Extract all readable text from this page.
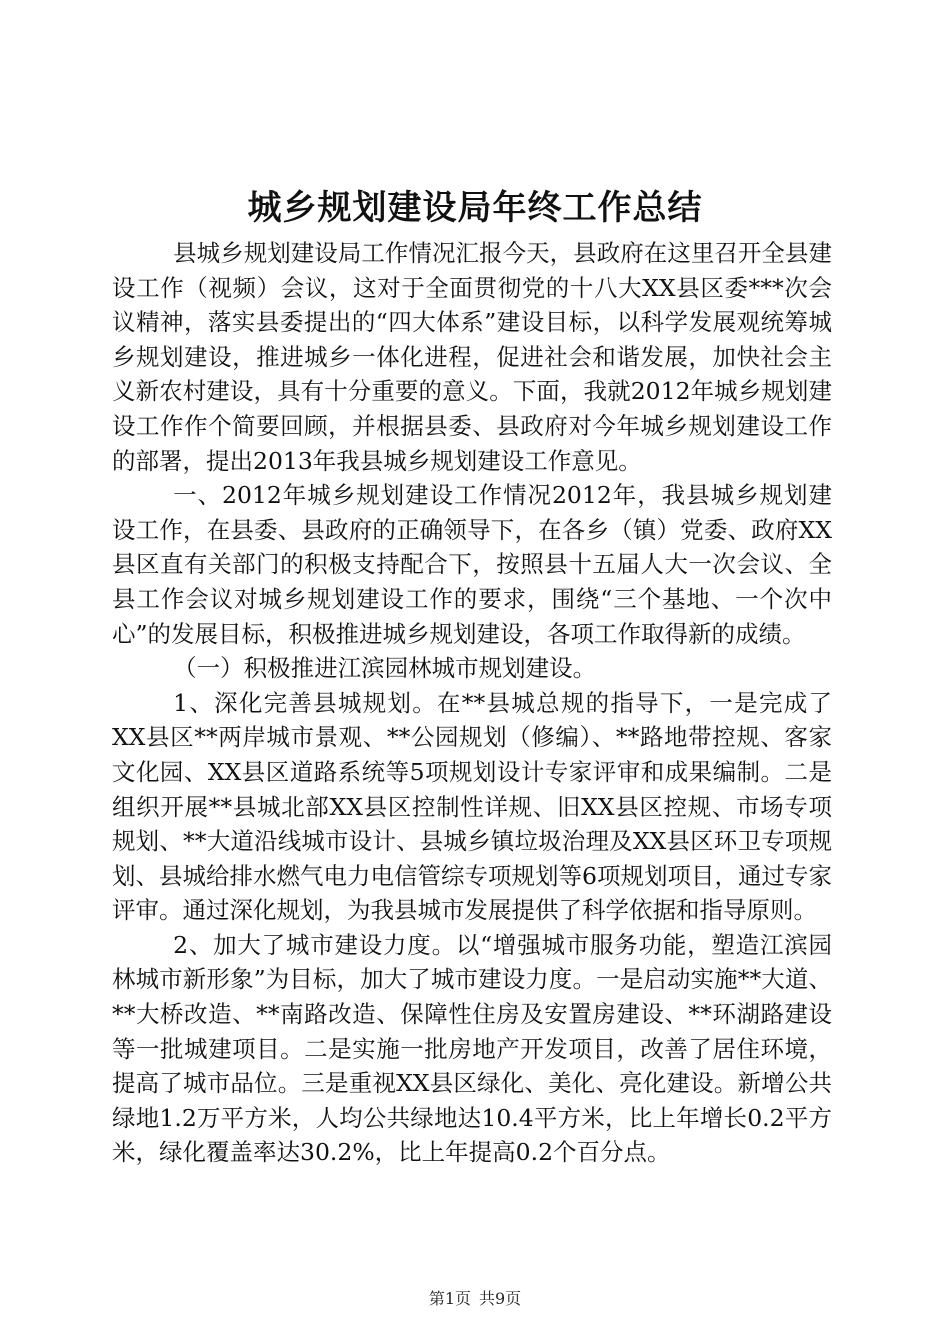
城乡规划建设局年终工作总结

县城乡规划建设局工作情况汇报今天，县政府在这里召开全县建设工作（视频）会议，这对于全面贯彻党的十八大XX县区委***次会议精神，落实县委提出的“四大体系”建设目标，以科学发展观统筹城乡规划建设，推进城乡一体化进程，促进社会和谐发展，加快社会主义新农村建设，具有十分重要的意义。下面，我就2012年城乡规划建设工作作个简要回顾，并根据县委、县政府对今年城乡规划建设工作的部署，提出2013年我县城乡规划建设工作意见。

一、2012年城乡规划建设工作情况2012年，我县城乡规划建设工作，在县委、县政府的正确领导下，在各乡（镇）党委、政府XX县区直有关部门的积极支持配合下，按照县十五届人大一次会议、全县工作会议对城乡规划建设工作的要求，围绕“三个基地、一个次中心”的发展目标，积极推进城乡规划建设，各项工作取得新的成绩。

（一）积极推进江滨园林城市规划建设。

1、深化完善县城规划。在**县城总规的指导下，一是完成了XX县区**两岸城市景观、**公园规划（修编）、**路地带控规、客家文化园、XX县区道路系统等5项规划设计专家评审和成果编制。二是组织开展**县城北部XX县区控制性详规、旧XX县区控规、市场专项规划、**大道沿线城市设计、县城乡镇垃圾治理及XX县区环卫专项规划、县城给排水燃气电力电信管综专项规划等6项规划项目，通过专家评审。通过深化规划，为我县城市发展提供了科学依据和指导原则。

2、加大了城市建设力度。以“增强城市服务功能，塑造江滨园林城市新形象”为目标，加大了城市建设力度。一是启动实施**大道、**大桥改造、**南路改造、保障性住房及安置房建设、**环湖路建设等一批城建项目。二是实施一批房地产开发项目，改善了居住环境，提高了城市品位。三是重视XX县区绿化、美化、亮化建设。新增公共绿地1.2万平方米，人均公共绿地达10.4平方米，比上年增长0.2平方米，绿化覆盖率达30.2%，比上年提高0.2个百分点。

第1页 共9页
